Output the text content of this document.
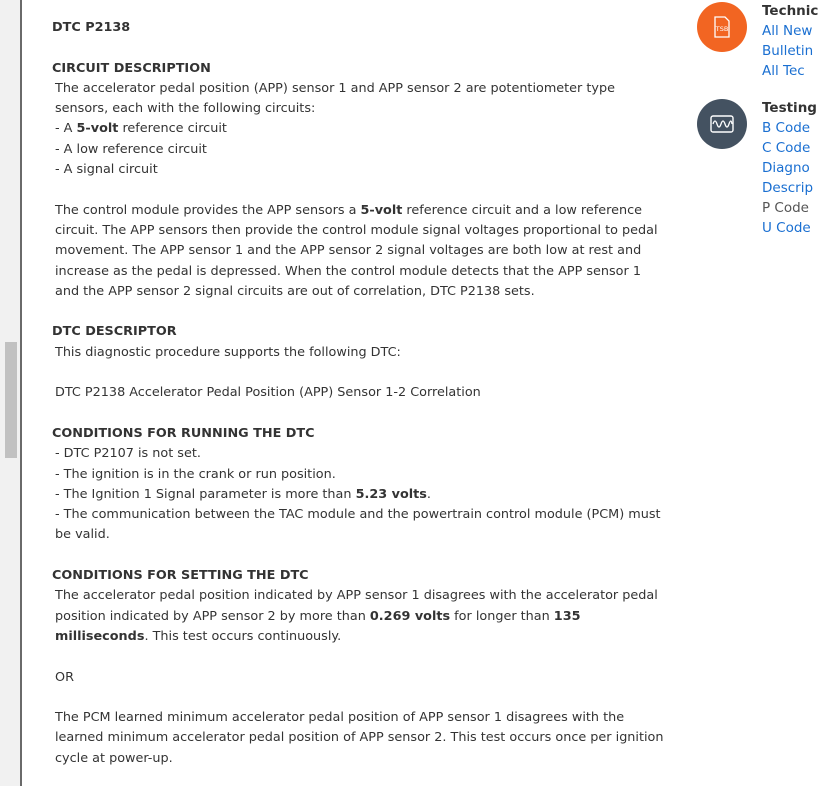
DTC P2138

CIRCUIT DESCRIPTION

The accelerator pedal position (APP) sensor 1 and APP sensor 2 are potentiometer type sensors, each with the following circuits:

- A 5-volt reference circuit

- A low reference circuit

- A signal circuit

The control module provides the APP sensors a 5-volt reference circuit and a low reference circuit. The APP sensors then provide the control module signal voltages proportional to pedal movement. The APP sensor 1 and the APP sensor 2 signal voltages are both low at rest and increase as the pedal is depressed. When the control module detects that the APP sensor 1 and the APP sensor 2 signal circuits are out of correlation, DTC P2138 sets.

DTC DESCRIPTOR

This diagnostic procedure supports the following DTC:

DTC P2138 Accelerator Pedal Position (APP) Sensor 1-2 Correlation

CONDITIONS FOR RUNNING THE DTC

- DTC P2107 is not set.

- The ignition is in the crank or run position.

- The Ignition 1 Signal parameter is more than 5.23 volts.

- The communication between the TAC module and the powertrain control module (PCM) must be valid.

CONDITIONS FOR SETTING THE DTC

The accelerator pedal position indicated by APP sensor 1 disagrees with the accelerator pedal position indicated by APP sensor 2 by more than 0.269 volts for longer than 135 milliseconds. This test occurs continuously.

OR

The PCM learned minimum accelerator pedal position of APP sensor 1 disagrees with the learned minimum accelerator pedal position of APP sensor 2. This test occurs once per ignition cycle at power-up.

TSB
Technic
All New
Bulletin
All Tec
Testing
B Code
C Code
Diagno
Descrip
P Code
U Code
